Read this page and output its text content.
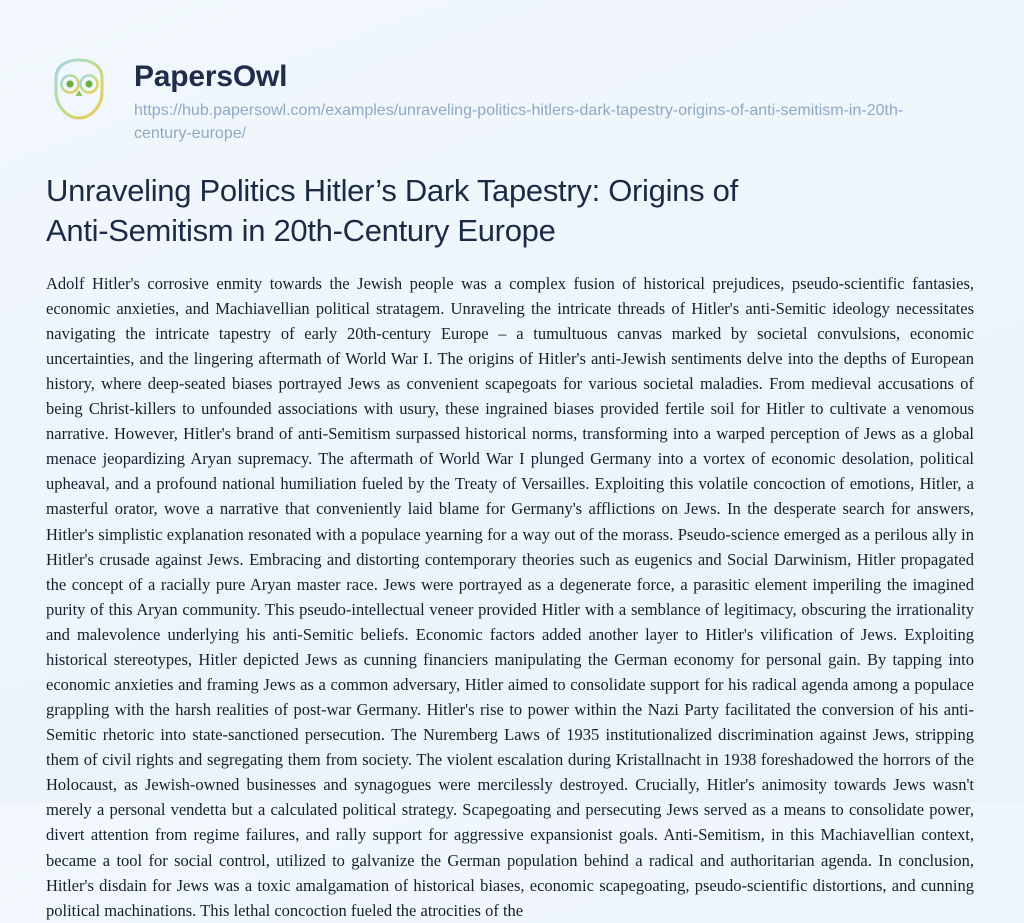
PapersOwl
https://hub.papersowl.com/examples/unraveling-politics-hitlers-dark-tapestry-origins-of-anti-semitism-in-20th-century-europe/
Unraveling Politics Hitler’s Dark Tapestry: Origins of Anti-Semitism in 20th-Century Europe

Adolf Hitler's corrosive enmity towards the Jewish people was a complex fusion of historical prejudices, pseudo-scientific fantasies, economic anxieties, and Machiavellian political stratagem. Unraveling the intricate threads of Hitler's anti-Semitic ideology necessitates navigating the intricate tapestry of early 20th-century Europe – a tumultuous canvas marked by societal convulsions, economic uncertainties, and the lingering aftermath of World War I. The origins of Hitler's anti-Jewish sentiments delve into the depths of European history, where deep-seated biases portrayed Jews as convenient scapegoats for various societal maladies. From medieval accusations of being Christ-killers to unfounded associations with usury, these ingrained biases provided fertile soil for Hitler to cultivate a venomous narrative. However, Hitler's brand of anti-Semitism surpassed historical norms, transforming into a warped perception of Jews as a global menace jeopardizing Aryan supremacy. The aftermath of World War I plunged Germany into a vortex of economic desolation, political upheaval, and a profound national humiliation fueled by the Treaty of Versailles. Exploiting this volatile concoction of emotions, Hitler, a masterful orator, wove a narrative that conveniently laid blame for Germany's afflictions on Jews. In the desperate search for answers, Hitler's simplistic explanation resonated with a populace yearning for a way out of the morass. Pseudo-science emerged as a perilous ally in Hitler's crusade against Jews. Embracing and distorting contemporary theories such as eugenics and Social Darwinism, Hitler propagated the concept of a racially pure Aryan master race. Jews were portrayed as a degenerate force, a parasitic element imperiling the imagined purity of this Aryan community. This pseudo-intellectual veneer provided Hitler with a semblance of legitimacy, obscuring the irrationality and malevolence underlying his anti-Semitic beliefs. Economic factors added another layer to Hitler's vilification of Jews. Exploiting historical stereotypes, Hitler depicted Jews as cunning financiers manipulating the German economy for personal gain. By tapping into economic anxieties and framing Jews as a common adversary, Hitler aimed to consolidate support for his radical agenda among a populace grappling with the harsh realities of post-war Germany. Hitler's rise to power within the Nazi Party facilitated the conversion of his anti-Semitic rhetoric into state-sanctioned persecution. The Nuremberg Laws of 1935 institutionalized discrimination against Jews, stripping them of civil rights and segregating them from society. The violent escalation during Kristallnacht in 1938 foreshadowed the horrors of the Holocaust, as Jewish-owned businesses and synagogues were mercilessly destroyed. Crucially, Hitler's animosity towards Jews wasn't merely a personal vendetta but a calculated political strategy. Scapegoating and persecuting Jews served as a means to consolidate power, divert attention from regime failures, and rally support for aggressive expansionist goals. Anti-Semitism, in this Machiavellian context, became a tool for social control, utilized to galvanize the German population behind a radical and authoritarian agenda. In conclusion, Hitler's disdain for Jews was a toxic amalgamation of historical biases, economic scapegoating, pseudo-scientific distortions, and cunning political machinations. This lethal concoction fueled the atrocities of the
